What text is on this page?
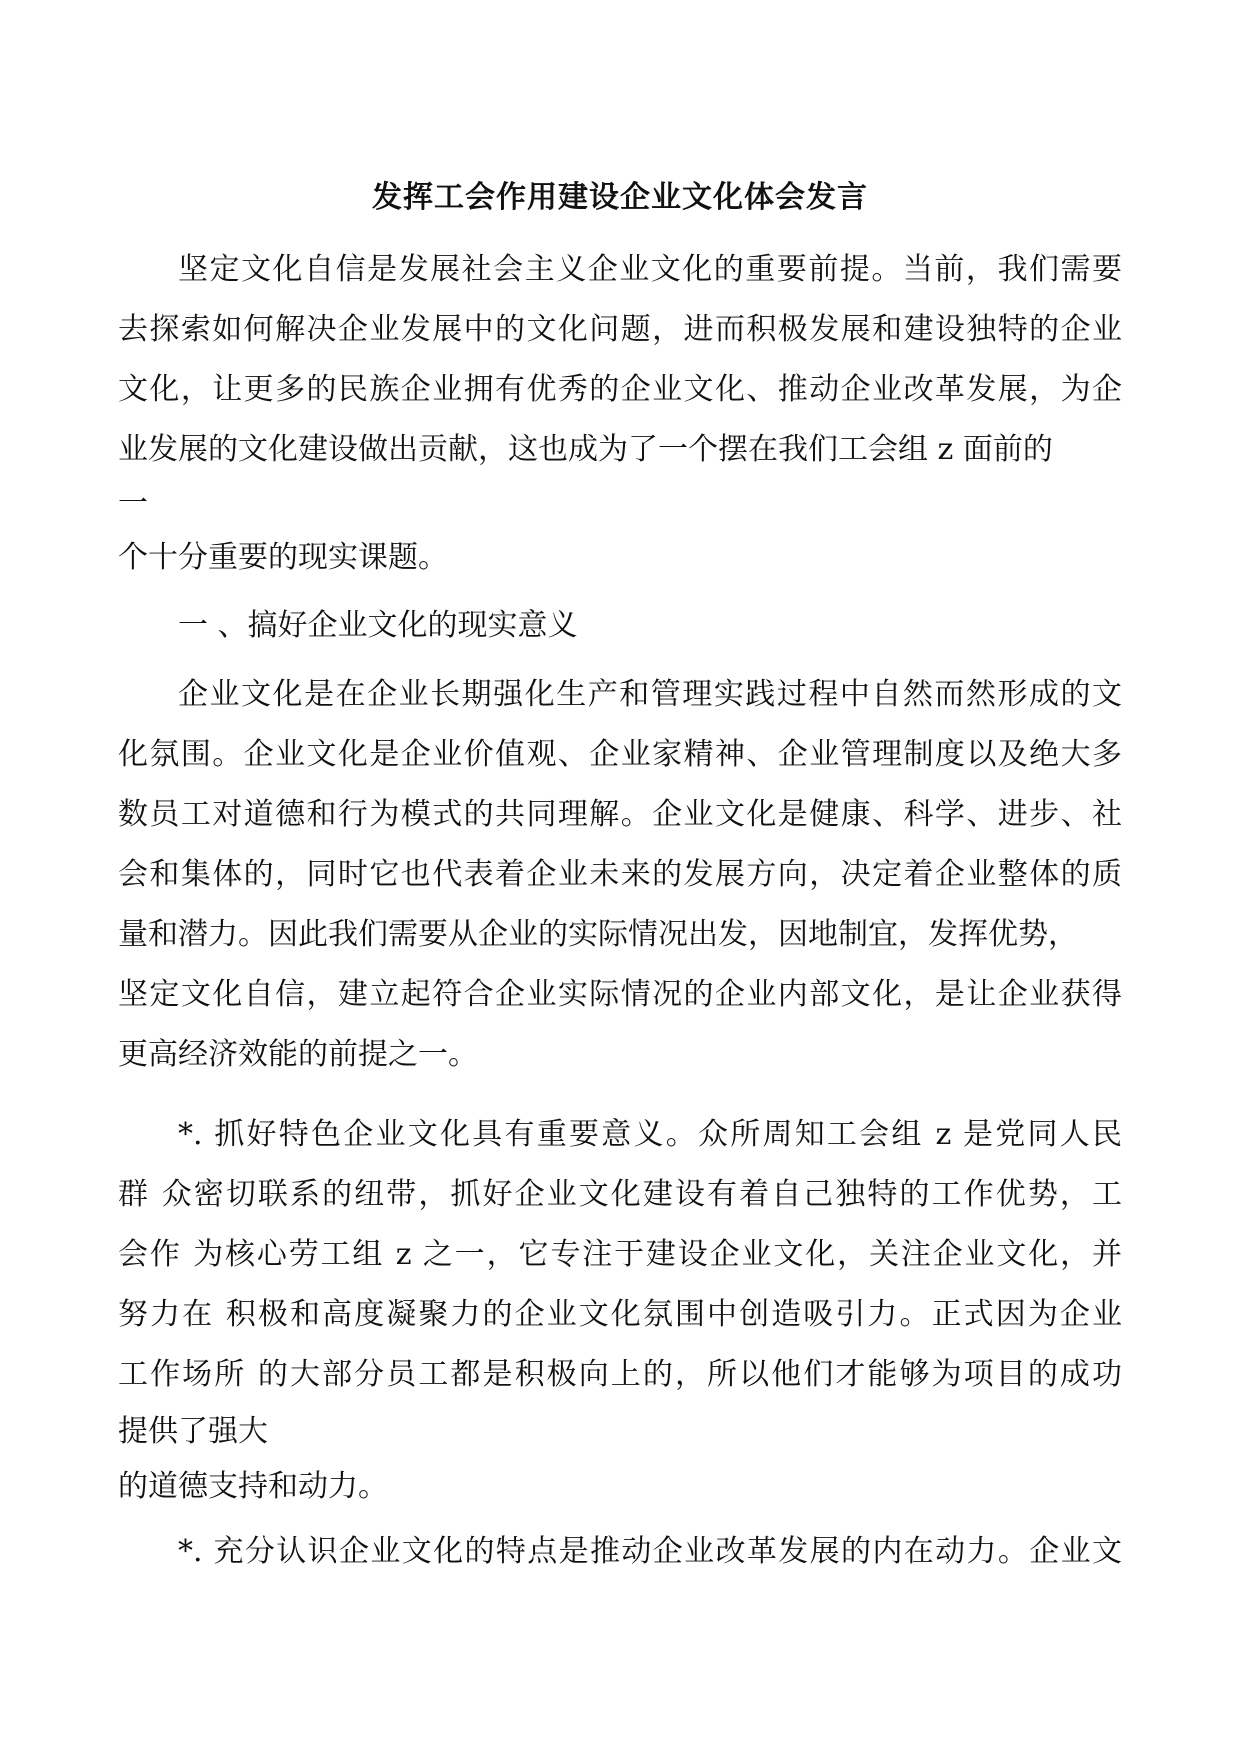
发挥工会作用建设企业文化体会发言
坚定文化自信是发展社会主义企业文化的重要前提。当前，我们需要
去探索如何解决企业发展中的文化问题，进而积极发展和建设独特的企业
文化，让更多的民族企业拥有优秀的企业文化、推动企业改革发展，为企
业发展的文化建设做出贡献，这也成为了一个摆在我们工会组 z 面前的
一
个十分重要的现实课题。
一 、搞好企业文化的现实意义
企业文化是在企业长期强化生产和管理实践过程中自然而然形成的文
化氛围。企业文化是企业价值观、企业家精神、企业管理制度以及绝大多
数员工对道德和行为模式的共同理解。企业文化是健康、科学、进步、社
会和集体的，同时它也代表着企业未来的发展方向，决定着企业整体的质
量和潜力。因此我们需要从企业的实际情况出发，因地制宜，发挥优势，
坚定文化自信，建立起符合企业实际情况的企业内部文化，是让企业获得
更高经济效能的前提之一。
*. 抓好特色企业文化具有重要意义。众所周知工会组 z 是党同人民
群 众密切联系的纽带，抓好企业文化建设有着自己独特的工作优势，工
会作 为核心劳工组 z 之一，它专注于建设企业文化，关注企业文化，并
努力在 积极和高度凝聚力的企业文化氛围中创造吸引力。正式因为企业
工作场所 的大部分员工都是积极向上的，所以他们才能够为项目的成功
提供了强大
的道德支持和动力。
*. 充分认识企业文化的特点是推动企业改革发展的内在动力。企业文
